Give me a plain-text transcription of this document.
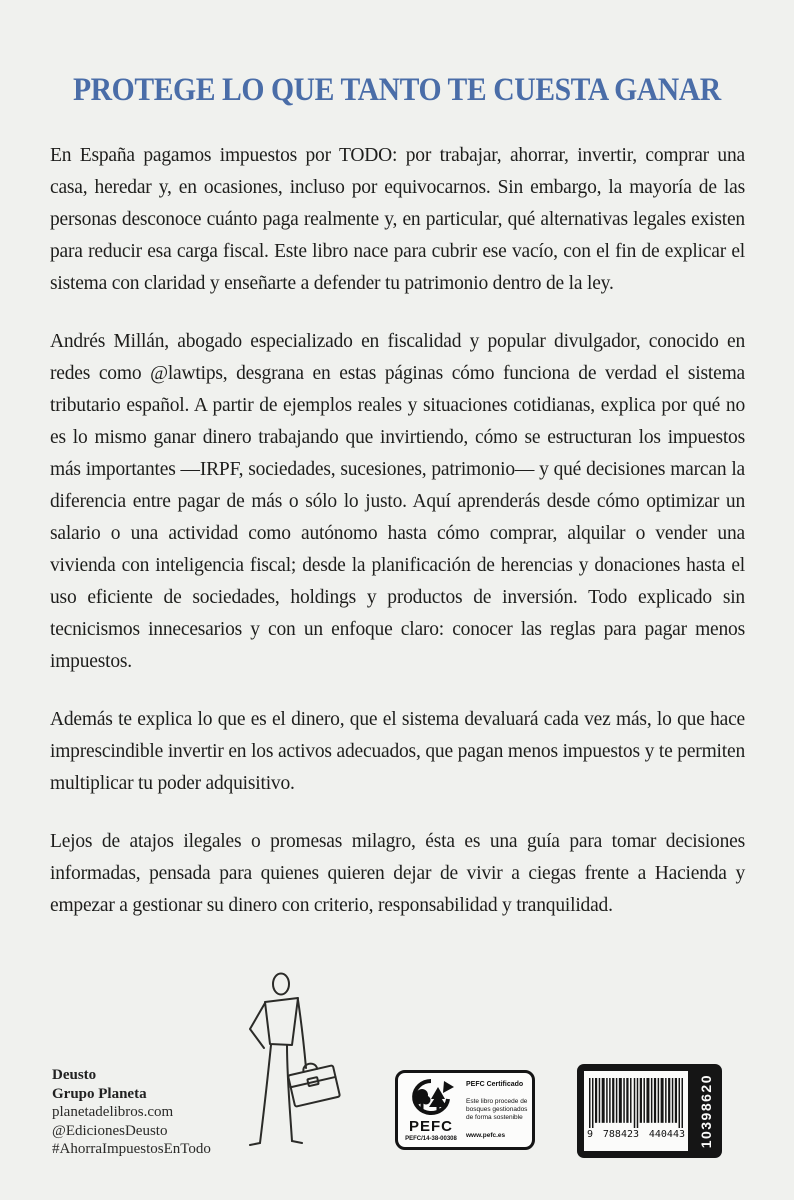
PROTEGE LO QUE TANTO TE CUESTA GANAR

En España pagamos impuestos por TODO: por trabajar, ahorrar, invertir, comprar una casa, heredar y, en ocasiones, incluso por equivocarnos. Sin embargo, la mayoría de las personas desconoce cuánto paga realmente y, en particular, qué alternativas legales existen para reducir esa carga fiscal. Este libro nace para cubrir ese vacío, con el fin de explicar el sistema con claridad y enseñarte a defender tu patrimonio dentro de la ley.

Andrés Millán, abogado especializado en fiscalidad y popular divulgador, conocido en redes como @lawtips, desgrana en estas páginas cómo funciona de verdad el sistema tributario español. A partir de ejemplos reales y situaciones cotidianas, explica por qué no es lo mismo ganar dinero trabajando que invirtiendo, cómo se estructuran los impuestos más importantes —IRPF, sociedades, sucesiones, patrimonio— y qué decisiones marcan la diferencia entre pagar de más o sólo lo justo. Aquí aprenderás desde cómo optimizar un salario o una actividad como autónomo hasta cómo comprar, alquilar o vender una vivienda con inteligencia fiscal; desde la planificación de herencias y donaciones hasta el uso eficiente de sociedades, holdings y productos de inversión. Todo explicado sin tecnicismos innecesarios y con un enfoque claro: conocer las reglas para pagar menos impuestos.

Además te explica lo que es el dinero, que el sistema devaluará cada vez más, lo que hace imprescindible invertir en los activos adecuados, que pagan menos impuestos y te permiten multiplicar tu poder adquisitivo.

Lejos de atajos ilegales o promesas milagro, ésta es una guía para tomar decisiones informadas, pensada para quienes quieren dejar de vivir a ciegas frente a Hacienda y empezar a gestionar su dinero con criterio, responsabilidad y tranquilidad.

Deusto
Grupo Planeta
planetadelibros.com
@EdicionesDeusto
#AhorraImpuestosEnTodo
PEFC
PEFC/14-38-00308
PEFC Certificado
Este libro procede de bosques gestionados de forma sostenible
www.pefc.es	9 788423 440443 10398620
